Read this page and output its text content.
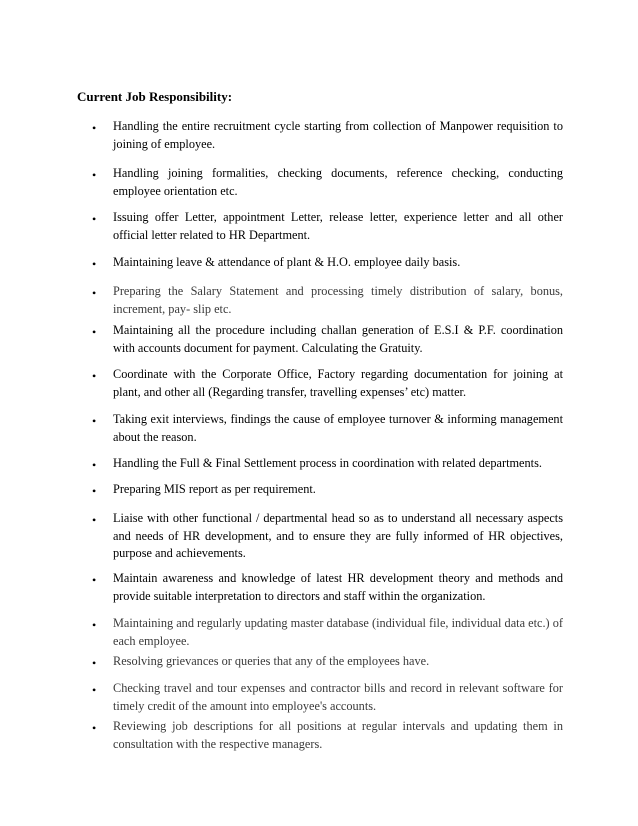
Current Job Responsibility:
•
Handling the entire recruitment cycle starting from collection of Manpower requisition to joining of employee.
•
Handling joining formalities, checking documents, reference checking, conducting employee orientation etc.
•
Issuing offer Letter, appointment Letter, release letter, experience letter and all other official letter related to HR Department.
•
Maintaining leave & attendance of plant & H.O. employee daily basis.
•
Preparing the Salary Statement and processing timely distribution of salary, bonus, increment, pay- slip etc.
•
Maintaining all the procedure including challan generation of E.S.I & P.F. coordination with accounts document for payment. Calculating the Gratuity.
•
Coordinate with the Corporate Office, Factory regarding documentation for joining at plant, and other all (Regarding transfer, travelling expenses’ etc) matter.
•
Taking exit interviews, findings the cause of employee turnover & informing management about the reason.
•
Handling the Full & Final Settlement process in coordination with related departments.
•
Preparing MIS report as per requirement.
•
Liaise with other functional / departmental head so as to understand all necessary aspects and needs of HR development, and to ensure they are fully informed of HR objectives, purpose and achievements.
•
Maintain awareness and knowledge of latest HR development theory and methods and provide suitable interpretation to directors and staff within the organization.
•
Maintaining and regularly updating master database (individual file, individual data etc.) of each employee.
•
Resolving grievances or queries that any of the employees have.
•
Checking travel and tour expenses and contractor bills and record in relevant software for timely credit of the amount into employee's accounts.
•
Reviewing job descriptions for all positions at regular intervals and updating them in consultation with the respective managers.
